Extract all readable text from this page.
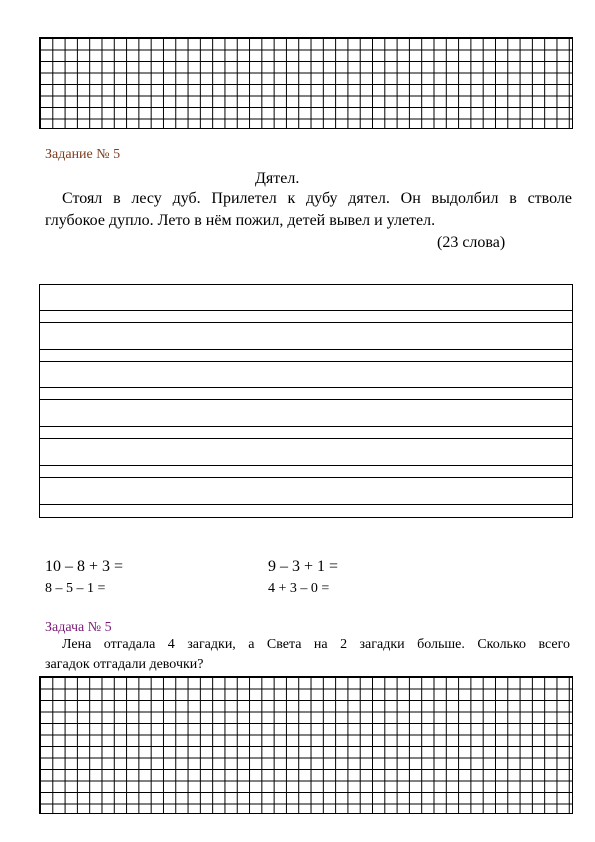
Задание № 5
Дятел.
Стоял в лесу дуб. Прилетел к дубу дятел. Он выдолбил в стволе
глубокое дупло. Лето в нём пожил, детей вывел и улетел.
(23 слова)
10 – 8 + 3 =	9 – 3 + 1 =
8 – 5 – 1 =	4 + 3 – 0 =
Задача № 5
Лена отгадала 4 загадки, а Света на 2 загадки больше. Сколько всего
загадок отгадали девочки?
